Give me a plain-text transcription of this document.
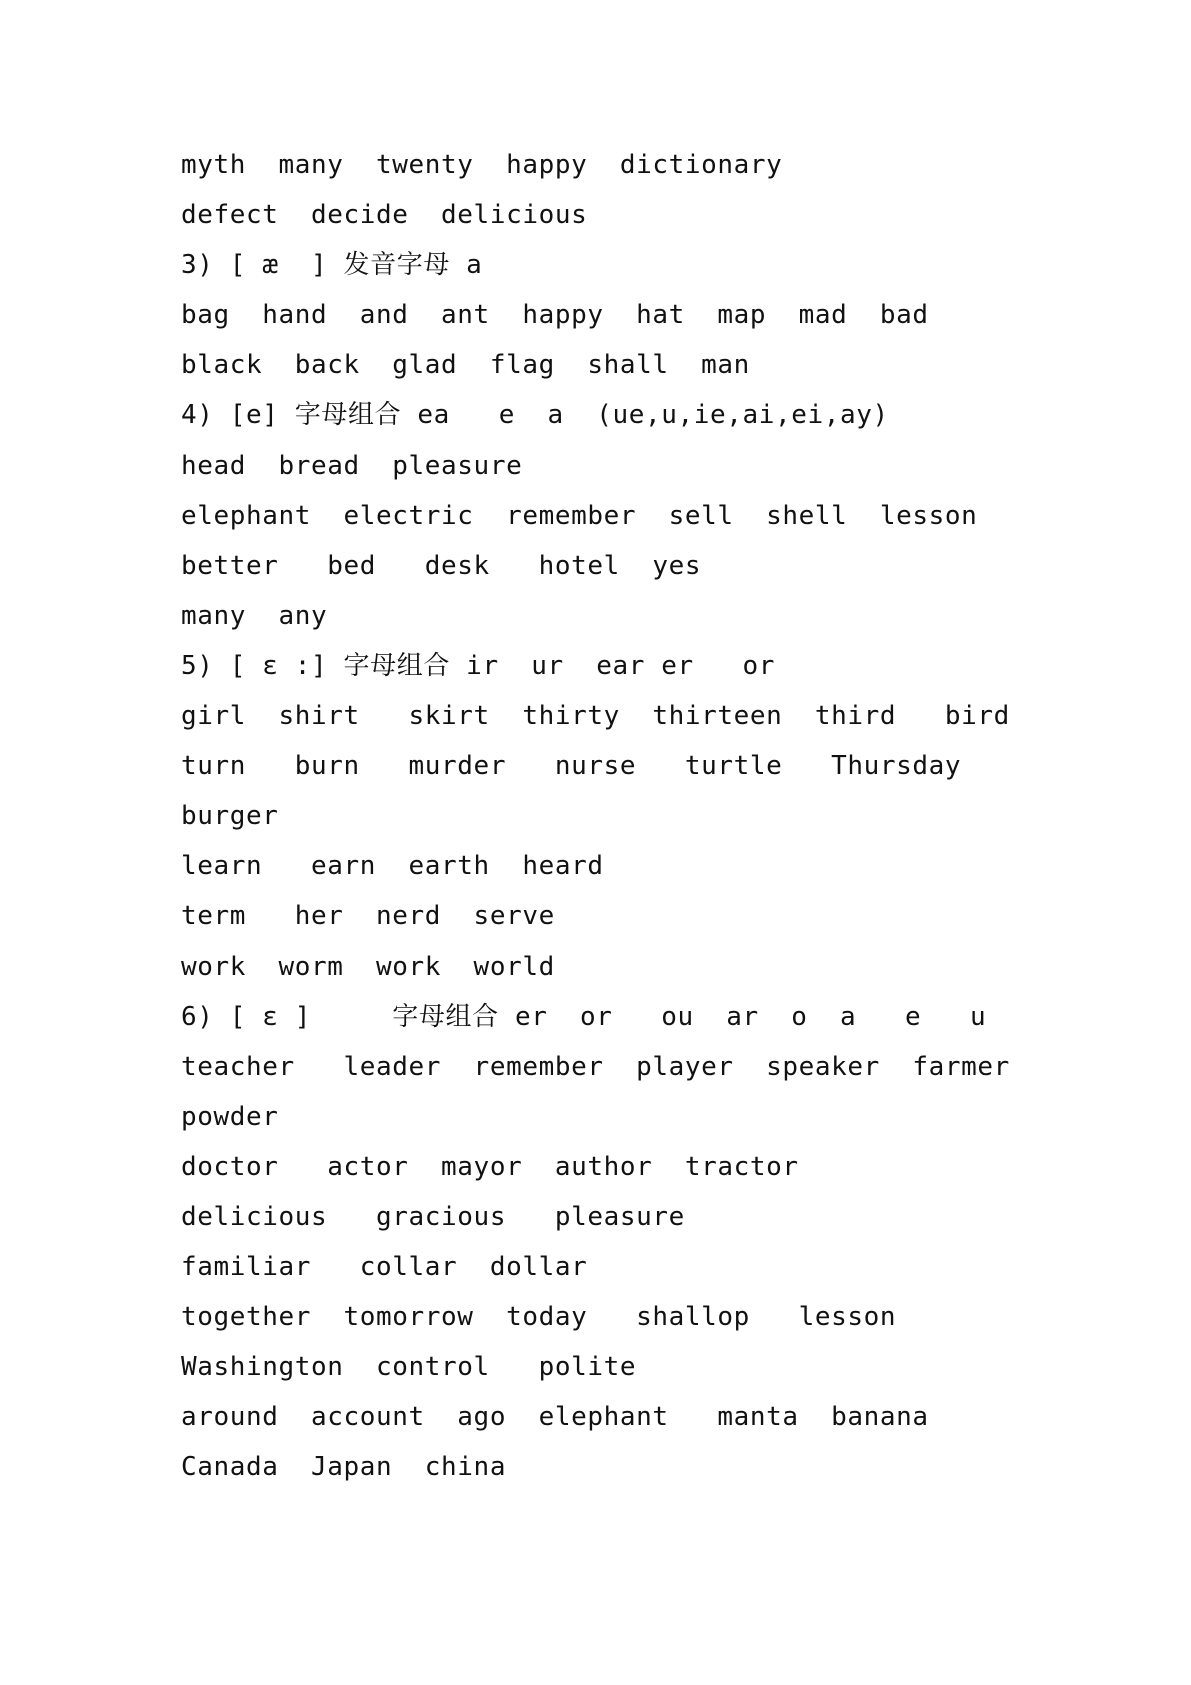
myth  many  twenty  happy  dictionary
defect  decide  delicious
3) [ æ  ] 发音字母 a
bag  hand  and  ant  happy  hat  map  mad  bad
black  back  glad  flag  shall  man
4) [e] 字母组合 ea   e  a  (ue,u,ie,ai,ei,ay)
head  bread  pleasure
elephant  electric  remember  sell  shell  lesson
better   bed   desk   hotel  yes
many  any
5) [ ɛ :] 字母组合 ir  ur  ear er   or
girl  shirt   skirt  thirty  thirteen  third   bird
turn   burn   murder   nurse   turtle   Thursday
burger
learn   earn  earth  heard
term   her  nerd  serve
work  worm  work  world
6) [ ɛ ]     字母组合 er  or   ou  ar  o  a   e   u
teacher   leader  remember  player  speaker  farmer
powder
doctor   actor  mayor  author  tractor
delicious   gracious   pleasure
familiar   collar  dollar
together  tomorrow  today   shallop   lesson
Washington  control   polite
around  account  ago  elephant   manta  banana
Canada  Japan  china
